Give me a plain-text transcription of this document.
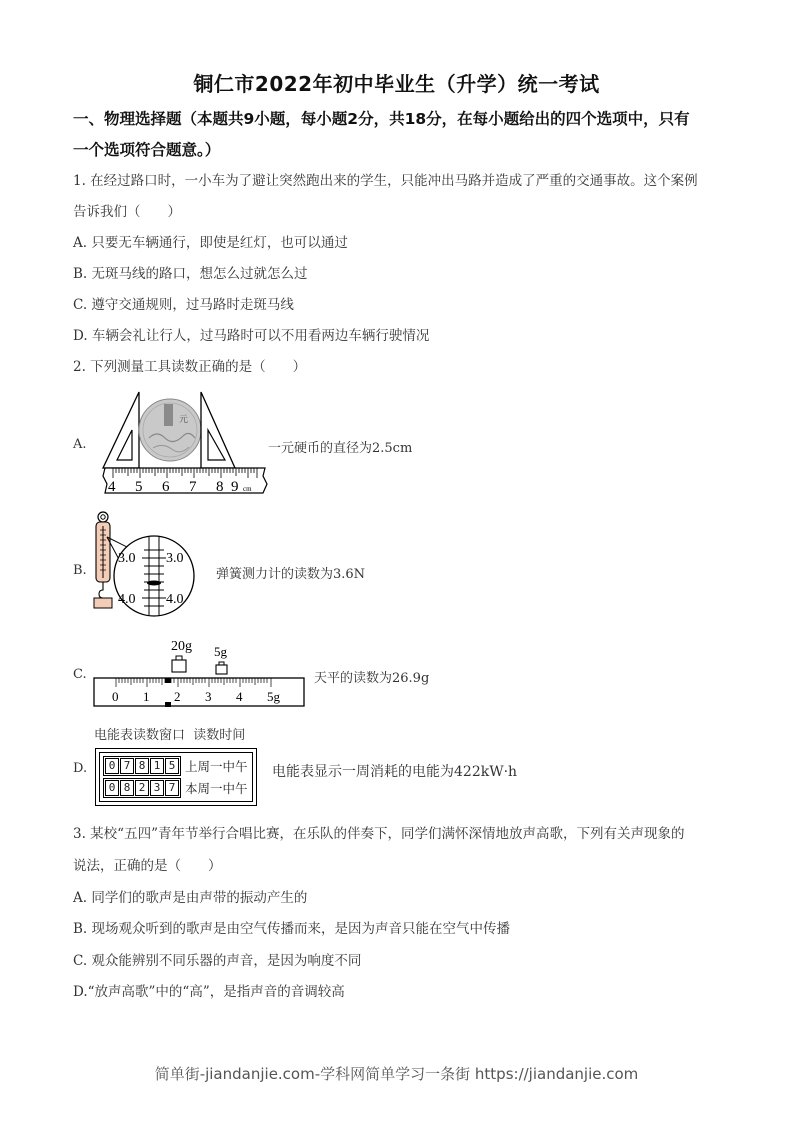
铜仁市2022年初中毕业生（升学）统一考试
一、物理选择题（本题共9小题，每小题2分，共18分，在每小题给出的四个选项中，只有
一个选项符合题意。）
1. 在经过路口时，一小车为了避让突然跑出来的学生，只能冲出马路并造成了严重的交通事故。这个案例
告诉我们（　　）
A. 只要无车辆通行，即使是红灯，也可以通过
B. 无斑马线的路口，想怎么过就怎么过
C. 遵守交通规则，过马路时走斑马线
D. 车辆会礼让行人，过马路时可以不用看两边车辆行驶情况
2. 下列测量工具读数正确的是（　　）
A.
元
4 5 6 7 8 9 cm
一元硬币的直径为2.5cm
B.
3.0 3.0
4.0 4.0
弹簧测力计的读数为3.6N
C.
20g 5g
0 1 2 3 4 5g
天平的读数为26.9g
电能表读数窗口  读数时间
D.	0 7 8 1 5 上周一中午
0 8 2 3 7 本周一中午
电能表显示一周消耗的电能为422kW·h
3. 某校“五四”青年节举行合唱比赛，在乐队的伴奏下，同学们满怀深情地放声高歌，下列有关声现象的
说法，正确的是（　　）
A. 同学们的歌声是由声带的振动产生的
B. 现场观众听到的歌声是由空气传播而来，是因为声音只能在空气中传播
C. 观众能辨别不同乐器的声音，是因为响度不同
D.“放声高歌”中的“高”，是指声音的音调较高
简单街-jiandanjie.com-学科网简单学习一条街 https://jiandanjie.com
